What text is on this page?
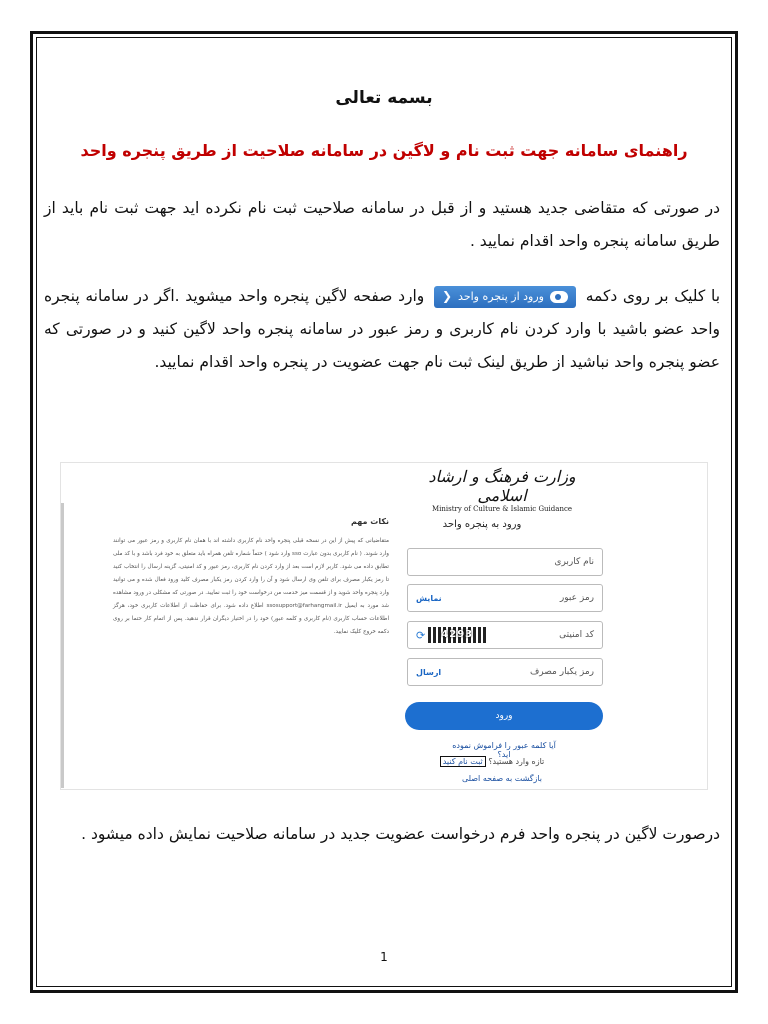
بسمه تعالی
راهنمای سامانه جهت ثبت نام و لاگین در سامانه صلاحیت از طریق پنجره واحد
در صورتی که متقاضی جدید هستید و از قبل در سامانه صلاحیت ثبت نام نکرده اید جهت ثبت نام باید از طریق سامانه پنجره واحد اقدام نمایید .
با کلیک بر روی دکمه
ورود از پنجره واحد
❮
وارد صفحه لاگین پنجره واحد میشوید .اگر در سامانه پنجره واحد عضو باشید با وارد کردن نام کاربری و رمز عبور در سامانه پنجره واحد لاگین کنید و در صورتی که عضو پنجره واحد نباشید از طریق لینک ثبت نام جهت عضویت در پنجره واحد اقدام نمایید.
وزارت فرهنگ و ارشاد اسلامی
Ministry of Culture & Islamic Guidance
ورود به پنجره واحد
نام کاربری
رمز عبور
نمایش
کد امنیتی
⟳	4293
رمز یکبار مصرف
ارسال
ورود
آیا کلمه عبور را فراموش نموده اید؟
تازه وارد هستید؟ ثبت نام کنید
بازگشت به صفحه اصلی
نکات مهم
متقاضیانی که پیش از این در نسخه قبلی پنجره واحد نام کاربری داشته اند با همان نام کاربری و رمز عبور می توانند وارد شوند. ( نام کاربری بدون عبارت sso وارد شود ) حتماً شماره تلفن همراه باید متعلق به خود فرد باشد و با کد ملی تطابق داده می شود. کاربر لازم است بعد از وارد کردن نام کاربری، رمز عبور و کد امنیتی، گزینه ارسال را انتخاب کنید تا رمز یکبار مصرف برای تلفن وی ارسال شود و آن را وارد کردن رمز یکبار مصرف کلید ورود فعال شده و می توانید وارد پنجره واحد شوید و از قسمت میز خدمت من درخواست خود را ثبت نمایید. در صورتی که مشکلی در ورود مشاهده شد مورد به ایمیل ssosupport@farhangmail.ir اطلاع داده شود. برای حفاظت از اطلاعات کاربری خود، هرگز اطلاعات حساب کاربری (نام کاربری و کلمه عبور) خود را در اختیار دیگران قرار ندهید. پس از اتمام کار حتما بر روی دکمه خروج کلیک نمایید.
درصورت لاگین در پنجره واحد فرم درخواست عضویت جدید در سامانه صلاحیت نمایش داده میشود .
1
